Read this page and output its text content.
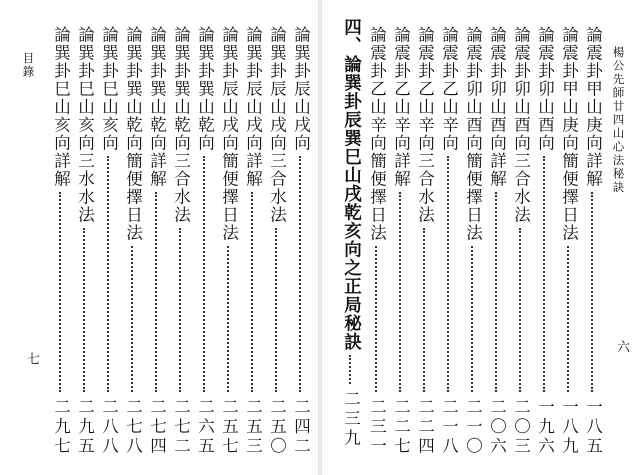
目錄
七
論巽卦巳山亥向詳解
二九七
論巽卦巳山亥向三水水法
二九五
論巽卦巳山亥向
二八八
論巽卦巽山乾向簡便擇日法
二七八
論巽卦巽山乾向詳解
二七四
論巽卦巽山乾向三合水法
二七二
論巽卦巽山乾向
二六五
論巽卦辰山戌向簡便擇日法
二五七
論巽卦辰山戌向詳解
二五三
論巽卦辰山戌向三合水法
二五〇
論巽卦辰山戌向
二四二
四、論巽卦辰巽巳山戌乾亥向之正局秘訣
二三九
論震卦乙山辛向簡便擇日法
二三一
論震卦乙山辛向詳解
二二七
論震卦乙山辛向三合水法
二二四
論震卦乙山辛向
二一八
論震卦卯山酉向簡便擇日法
二一〇
論震卦卯山酉向詳解
二〇六
論震卦卯山酉向三合水法
二〇三
論震卦卯山酉向
一九六
論震卦甲山庚向簡便擇日法
一八九
論震卦甲山庚向詳解
一八五
楊公先師廿四山心法秘訣
六
